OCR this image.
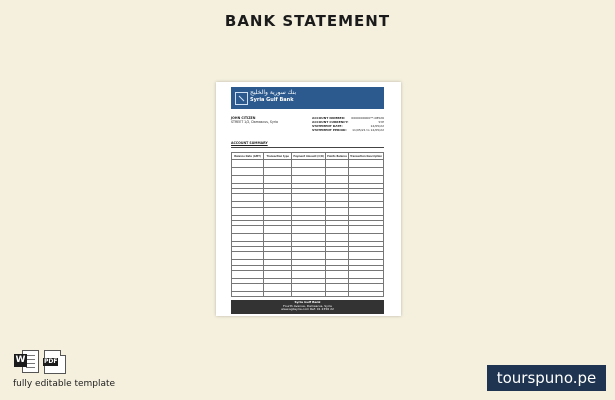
BANK STATEMENT
بنك سورية والخليج
Syria Gulf Bank
JOHN CITIZEN
STREET 1/2, Damascus, Syria
ACCOUNT NUMBER: 0000000000**-08526
ACCOUNT CURRENCY:	SYP
STATEMENT DATE:	12/05/22
STATEMENT PERIOD: 11/05/21 to 12/05/22
ACCOUNT SUMMARY
Balance Date (GMT)	Transaction type	Payment Amount (C/D)	Points Balance	Transaction Description

Syria Gulf Bank
Fourth Avenue, Damascus, Syria
www.sgbsyria.com Ref: 01 2356 22
W	PDF
fully editable template	tourspuno.pe
